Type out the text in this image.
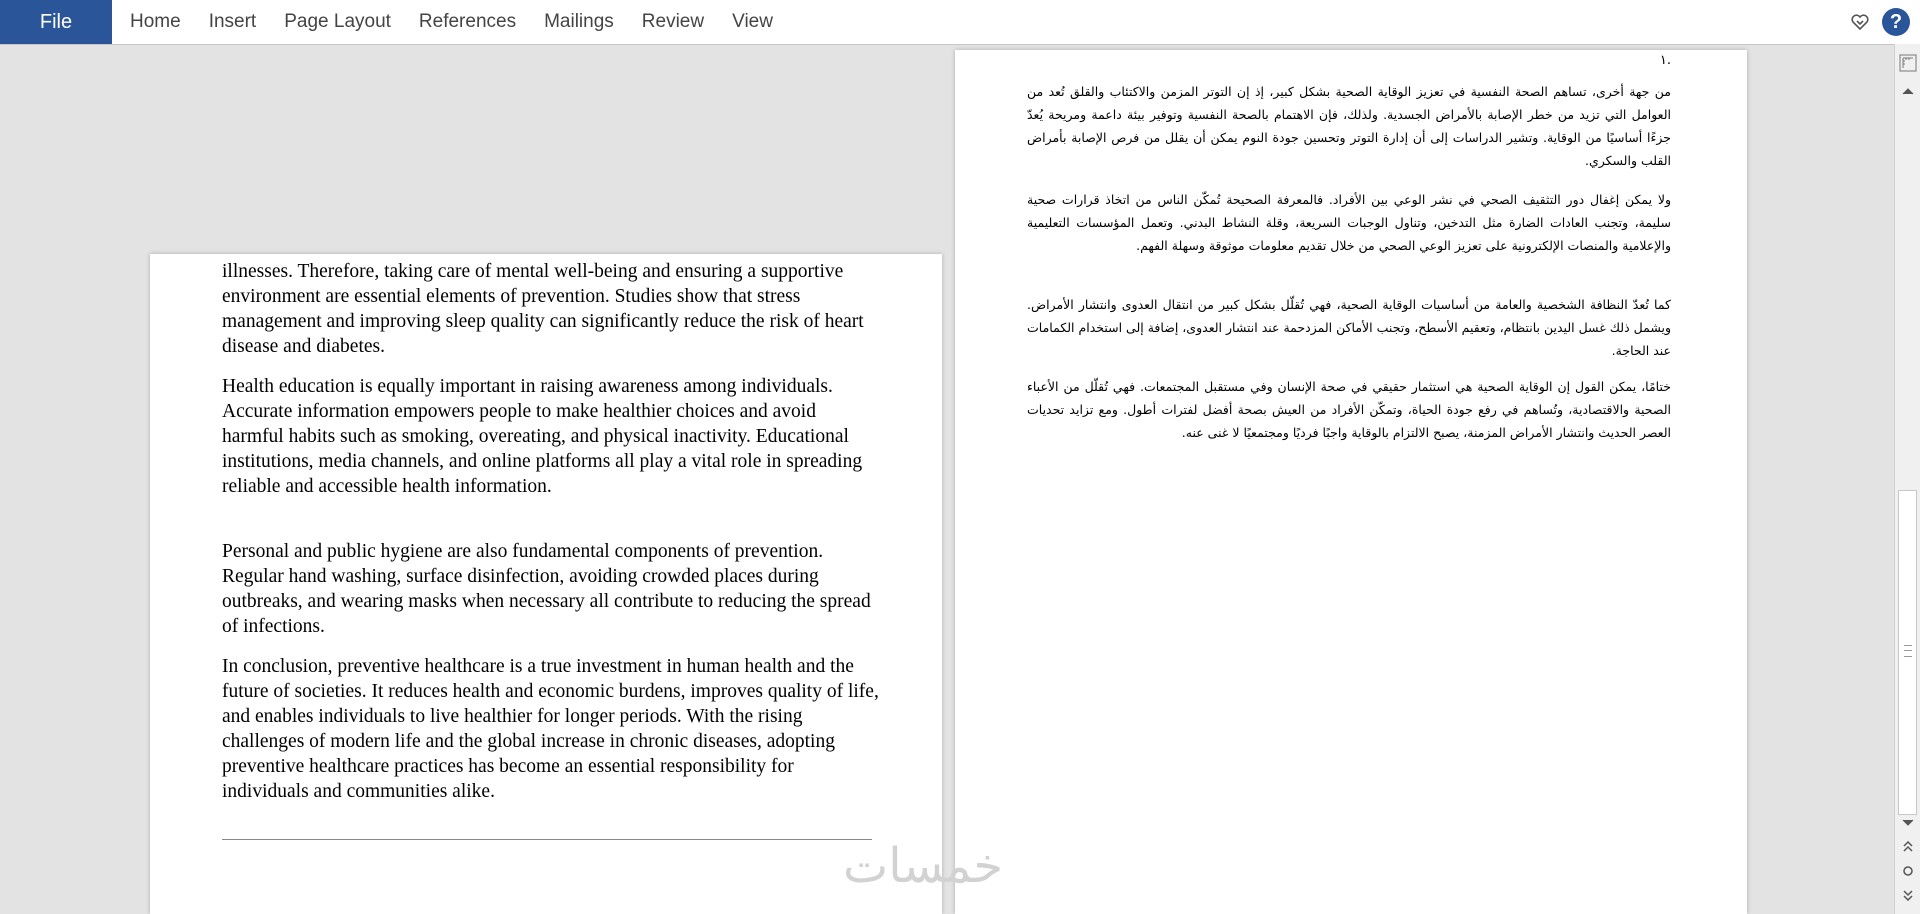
File	Home	Insert	Page Layout	References	Mailings	Review	View	?

illnesses. Therefore, taking care of mental well-being and ensuring a supportive environment are essential elements of prevention. Studies show that stress management and improving sleep quality can significantly reduce the risk of heart disease and diabetes.

Health education is equally important in raising awareness among individuals. Accurate information empowers people to make healthier choices and avoid harmful habits such as smoking, overeating, and physical inactivity. Educational institutions, media channels, and online platforms all play a vital role in spreading reliable and accessible health information.

Personal and public hygiene are also fundamental components of prevention. Regular hand washing, surface disinfection, avoiding crowded places during outbreaks, and wearing masks when necessary all contribute to reducing the spread of infections.

In conclusion, preventive healthcare is a true investment in human health and the future of societies. It reduces health and economic burdens, improves quality of life, and enables individuals to live healthier for longer periods. With the rising challenges of modern life and the global increase in chronic diseases, adopting preventive healthcare practices has become an essential responsibility for individuals and communities alike.

١.

من جهة أخرى، تساهم الصحة النفسية في تعزيز الوقاية الصحية بشكل كبير، إذ إن التوتر المزمن والاكتئاب والقلق تُعد من العوامل التي تزيد من خطر الإصابة بالأمراض الجسدية. ولذلك، فإن الاهتمام بالصحة النفسية وتوفير بيئة داعمة ومريحة يُعدّ جزءًا أساسيًا من الوقاية. وتشير الدراسات إلى أن إدارة التوتر وتحسين جودة النوم يمكن أن يقلل من فرص الإصابة بأمراض القلب والسكري.

ولا يمكن إغفال دور التثقيف الصحي في نشر الوعي بين الأفراد. فالمعرفة الصحيحة تُمكّن الناس من اتخاذ قرارات صحية سليمة، وتجنب العادات الضارة مثل التدخين، وتناول الوجبات السريعة، وقلة النشاط البدني. وتعمل المؤسسات التعليمية والإعلامية والمنصات الإلكترونية على تعزيز الوعي الصحي من خلال تقديم معلومات موثوقة وسهلة الفهم.

كما تُعدّ النظافة الشخصية والعامة من أساسيات الوقاية الصحية، فهي تُقلّل بشكل كبير من انتقال العدوى وانتشار الأمراض. ويشمل ذلك غسل اليدين بانتظام، وتعقيم الأسطح، وتجنب الأماكن المزدحمة عند انتشار العدوى، إضافة إلى استخدام الكمامات عند الحاجة.

ختامًا، يمكن القول إن الوقاية الصحية هي استثمار حقيقي في صحة الإنسان وفي مستقبل المجتمعات. فهي تُقلّل من الأعباء الصحية والاقتصادية، وتُساهم في رفع جودة الحياة، وتمكّن الأفراد من العيش بصحة أفضل لفترات أطول. ومع تزايد تحديات العصر الحديث وانتشار الأمراض المزمنة، يصبح الالتزام بالوقاية واجبًا فرديًا ومجتمعيًا لا غنى عنه.

خمسات
